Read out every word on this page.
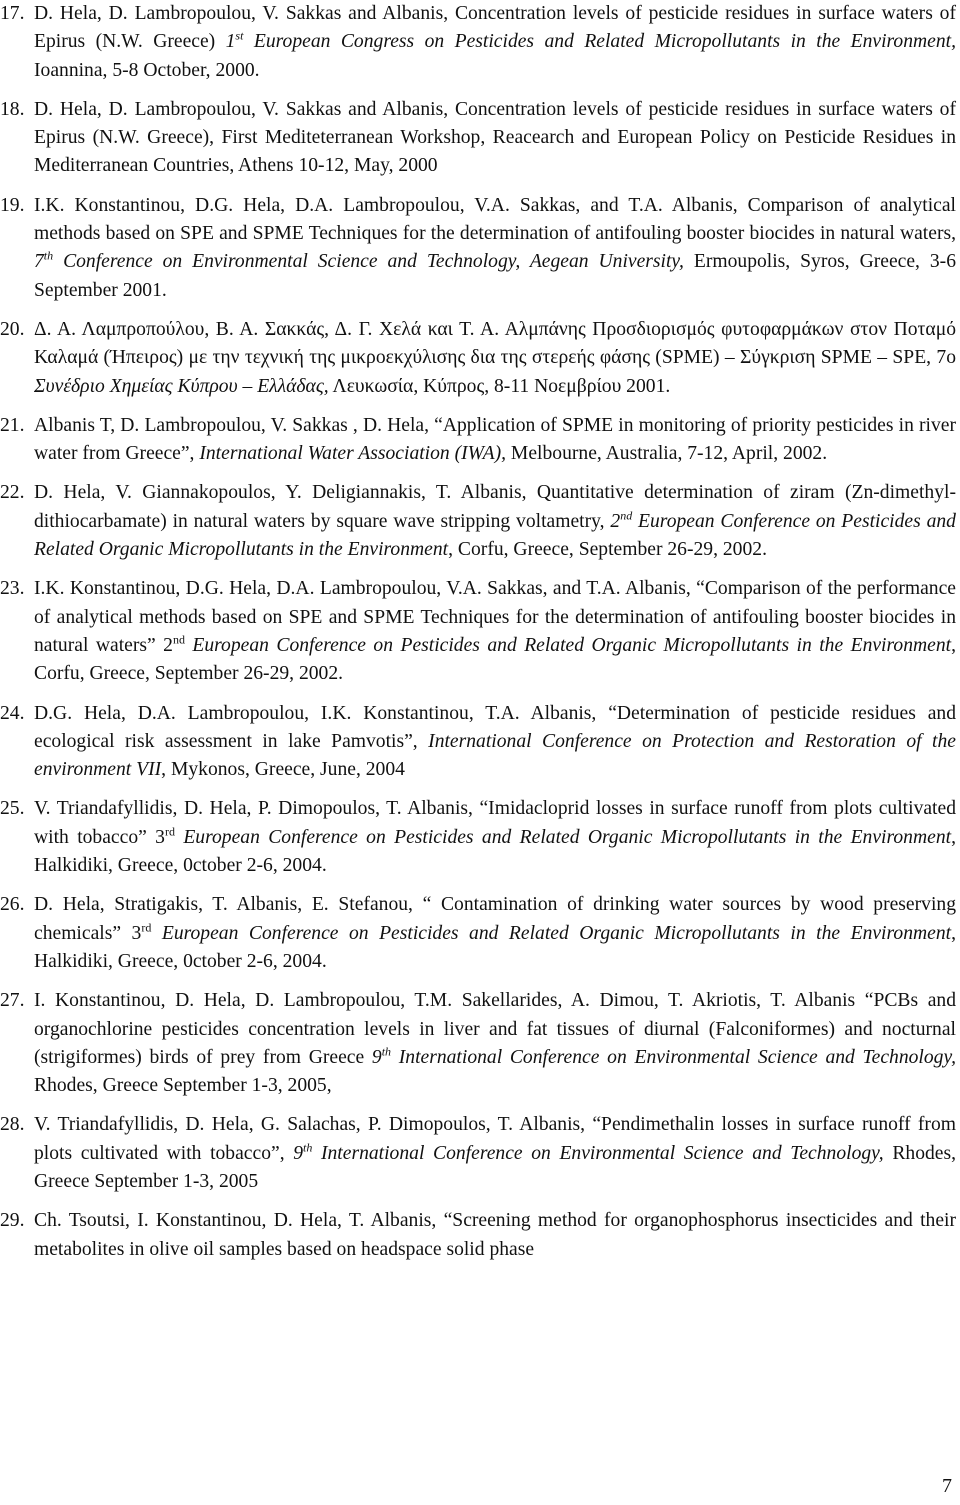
17. D. Hela, D. Lambropoulou, V. Sakkas and Albanis, Concentration levels of pesticide residues in surface waters of Epirus (N.W. Greece) 1st European Congress on Pesticides and Related Micropollutants in the Environment, Ioannina, 5-8 October, 2000.
18. D. Hela, D. Lambropoulou, V. Sakkas and Albanis, Concentration levels of pesticide residues in surface waters of Epirus (N.W. Greece), First Mediteterranean Workshop, Reacearch and European Policy on Pesticide Residues in Mediterranean Countries, Athens 10-12, May, 2000
19. I.K. Konstantinou, D.G. Hela, D.A. Lambropoulou, V.A. Sakkas, and T.A. Albanis, Comparison of analytical methods based on SPE and SPME Techniques for the determination of antifouling booster biocides in natural waters, 7th Conference on Environmental Science and Technology, Aegean University, Ermoupolis, Syros, Greece, 3-6 September 2001.
20. Δ. Α. Λαμπροπούλου, Β. Α. Σακκάς, Δ. Γ. Χελά και Τ. Α. Αλμπάνης Προσδιορισμός φυτοφαρμάκων στον Ποταμό Καλαμά (Ήπειρος) με την τεχνική της μικροεκχύλισης δια της στερεής φάσης (SPME) – Σύγκριση SPME – SPE, 7ο Συνέδριο Χημείας Κύπρου – Ελλάδας, Λευκωσία, Κύπρος, 8-11 Νοεμβρίου 2001.
21. Albanis T, D. Lambropoulou, V. Sakkas , D. Hela, “Application of SPME in monitoring of priority pesticides in river water from Greece”, International Water Association (IWA), Melbourne, Australia, 7-12, April, 2002.
22. D. Hela, V. Giannakopoulos, Y. Deligiannakis, T. Albanis, Quantitative determination of ziram (Zn-dimethyl-dithiocarbamate) in natural waters by square wave stripping voltametry, 2nd European Conference on Pesticides and Related Organic Micropollutants in the Environment, Corfu, Greece, September 26-29, 2002.
23. I.K. Konstantinou, D.G. Hela, D.A. Lambropoulou, V.A. Sakkas, and T.A. Albanis, “Comparison of the performance of analytical methods based on SPE and SPME Techniques for the determination of antifouling booster biocides in natural waters” 2nd European Conference on Pesticides and Related Organic Micropollutants in the Environment, Corfu, Greece, September 26-29, 2002.
24. D.G. Hela, D.A. Lambropoulou, I.K. Konstantinou, T.A. Albanis, “Determination of pesticide residues and ecological risk assessment in lake Pamvotis”, International Conference on Protection and Restoration of the environment VII, Mykonos, Greece, June, 2004
25. V. Triandafyllidis, D. Hela, P. Dimopoulos, T. Albanis, “Imidacloprid losses in surface runoff from plots cultivated with tobacco” 3rd European Conference on Pesticides and Related Organic Micropollutants in the Environment, Halkidiki, Greece, 0ctober 2-6, 2004.
26. D. Hela, Stratigakis, T. Albanis, E. Stefanou, “ Contamination of drinking water sources by wood preserving chemicals” 3rd European Conference on Pesticides and Related Organic Micropollutants in the Environment, Halkidiki, Greece, 0ctober 2-6, 2004.
27. I. Konstantinou, D. Hela, D. Lambropoulou, T.M. Sakellarides, A. Dimou, T. Akriotis, T. Albanis “PCBs and organochlorine pesticides concentration levels in liver and fat tissues of diurnal (Falconiformes) and nocturnal (strigiformes) birds of prey from Greece 9th International Conference on Environmental Science and Technology, Rhodes, Greece September 1-3, 2005,
28. V. Triandafyllidis, D. Hela, G. Salachas, P. Dimopoulos, T. Albanis, “Pendimethalin losses in surface runoff from plots cultivated with tobacco”, 9th International Conference on Environmental Science and Technology, Rhodes, Greece September 1-3, 2005
29. Ch. Tsoutsi, I. Konstantinou, D. Hela, T. Albanis, “Screening method for organophosphorus insecticides and their metabolites in olive oil samples based on headspace solid phase
7
